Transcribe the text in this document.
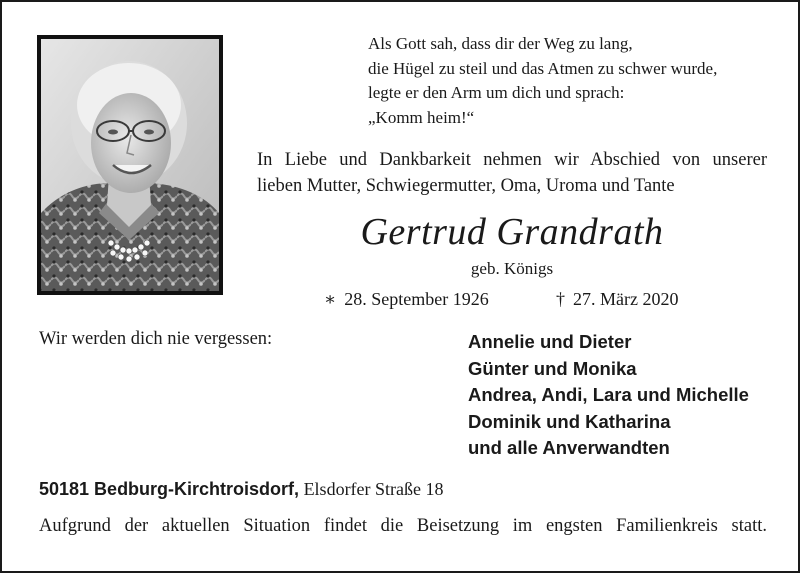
Als Gott sah, dass dir der Weg zu lang,
die Hügel zu steil und das Atmen zu schwer wurde,
legte er den Arm um dich und sprach:
„Komm heim!“
In Liebe und Dankbarkeit nehmen wir Abschied von unserer
lieben Mutter, Schwiegermutter, Oma, Uroma und Tante
Gertrud Grandrath
geb. Königs
∗ 28. September 1926	† 27. März 2020
Wir werden dich nie vergessen:	Annelie und Dieter
Günter und Monika
Andrea, Andi, Lara und Michelle
Dominik und Katharina
und alle Anverwandten
50181 Bedburg-Kirchtroisdorf, Elsdorfer Straße 18
Aufgrund der aktuellen Situation findet die Beisetzung im engsten Familienkreis statt.
